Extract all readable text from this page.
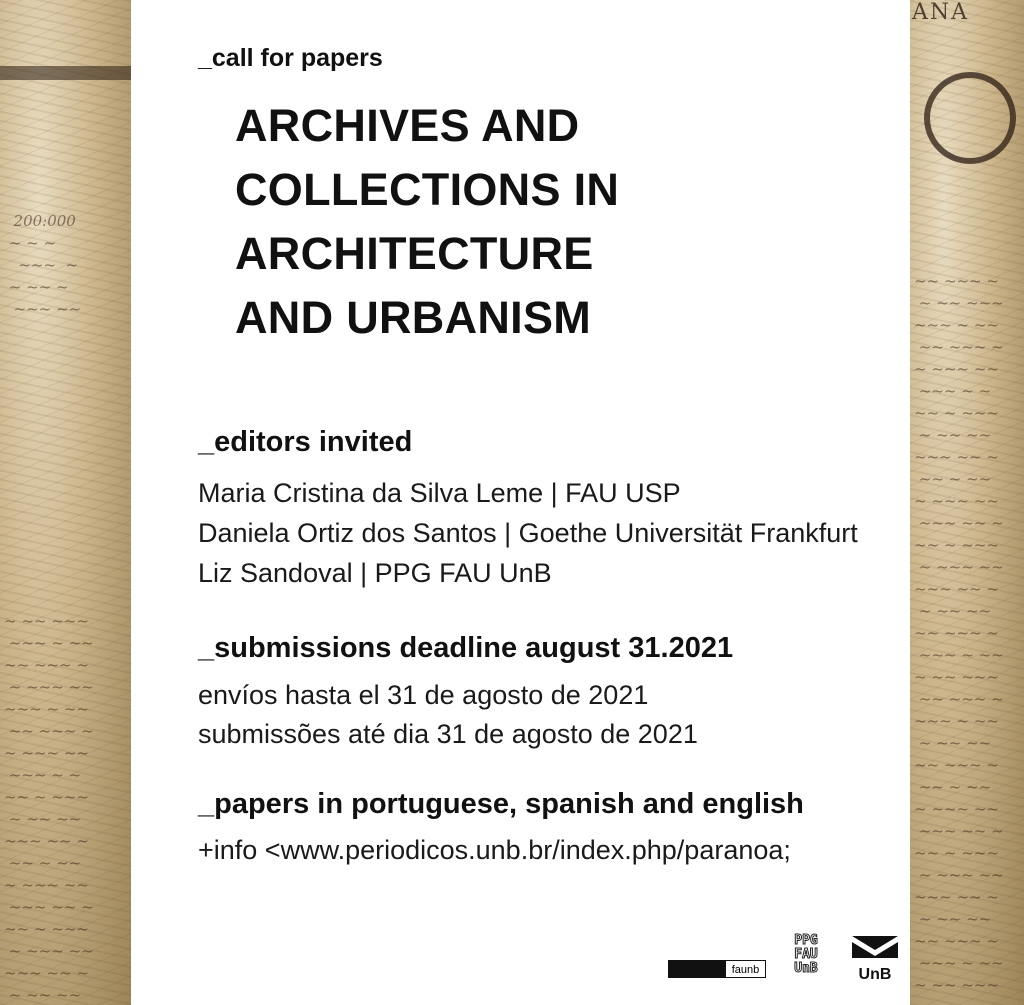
200:000
~ ~ ~
~~~  ~
~ ~~ ~
~~~ ~~
~ ~~ ~~~
~~~ ~ ~~
~~ ~~~ ~
~ ~~~ ~~
~~~ ~ ~~
~~ ~~~ ~
~ ~~~ ~~
~~~ ~ ~
~~ ~ ~~~
~ ~~ ~~
~~~ ~~ ~
~~ ~ ~~
~ ~~~ ~~
~~~ ~~ ~
~~ ~ ~~~
~ ~~~ ~~
~~~ ~~ ~
~ ~~ ~~
ANA
~~ ~~~ ~
~ ~~ ~~~
~~~ ~ ~~
~~ ~~~ ~
~ ~~~ ~~
~~~ ~ ~
~~ ~ ~~~
~ ~~ ~~
~~~ ~~ ~
~~ ~ ~~
~ ~~~ ~~
~~~ ~~ ~
~~ ~ ~~~
~ ~~~ ~~
~~~ ~~ ~
~ ~~ ~~
~~ ~~~ ~
~~~ ~ ~~
~ ~~ ~~~
~~ ~~~ ~
~~~ ~ ~~
~ ~~ ~~
~~ ~~~ ~
~~ ~ ~~
~ ~~~ ~~
~~~ ~~ ~
~~ ~ ~~~
~ ~~~ ~~
~~~ ~~ ~
~ ~~ ~~
~~ ~~~ ~
~~~ ~ ~~
~ ~~ ~~~
_call for papers
ARCHIVES AND
COLLECTIONS IN
ARCHITECTURE
AND URBANISM
_editors invited
Maria Cristina da Silva Leme | FAU USP
Daniela Ortiz dos Santos | Goethe Universität Frankfurt
Liz Sandoval | PPG FAU UnB
_submissions deadline august 31.2021
envíos hasta el 31 de agosto de 2021
submissões até dia 31 de agosto de 2021
_papers in portuguese, spanish and english
+info <www.periodicos.unb.br/index.php/paranoa;
faunb
PPG
FAU
UnB	UnB
